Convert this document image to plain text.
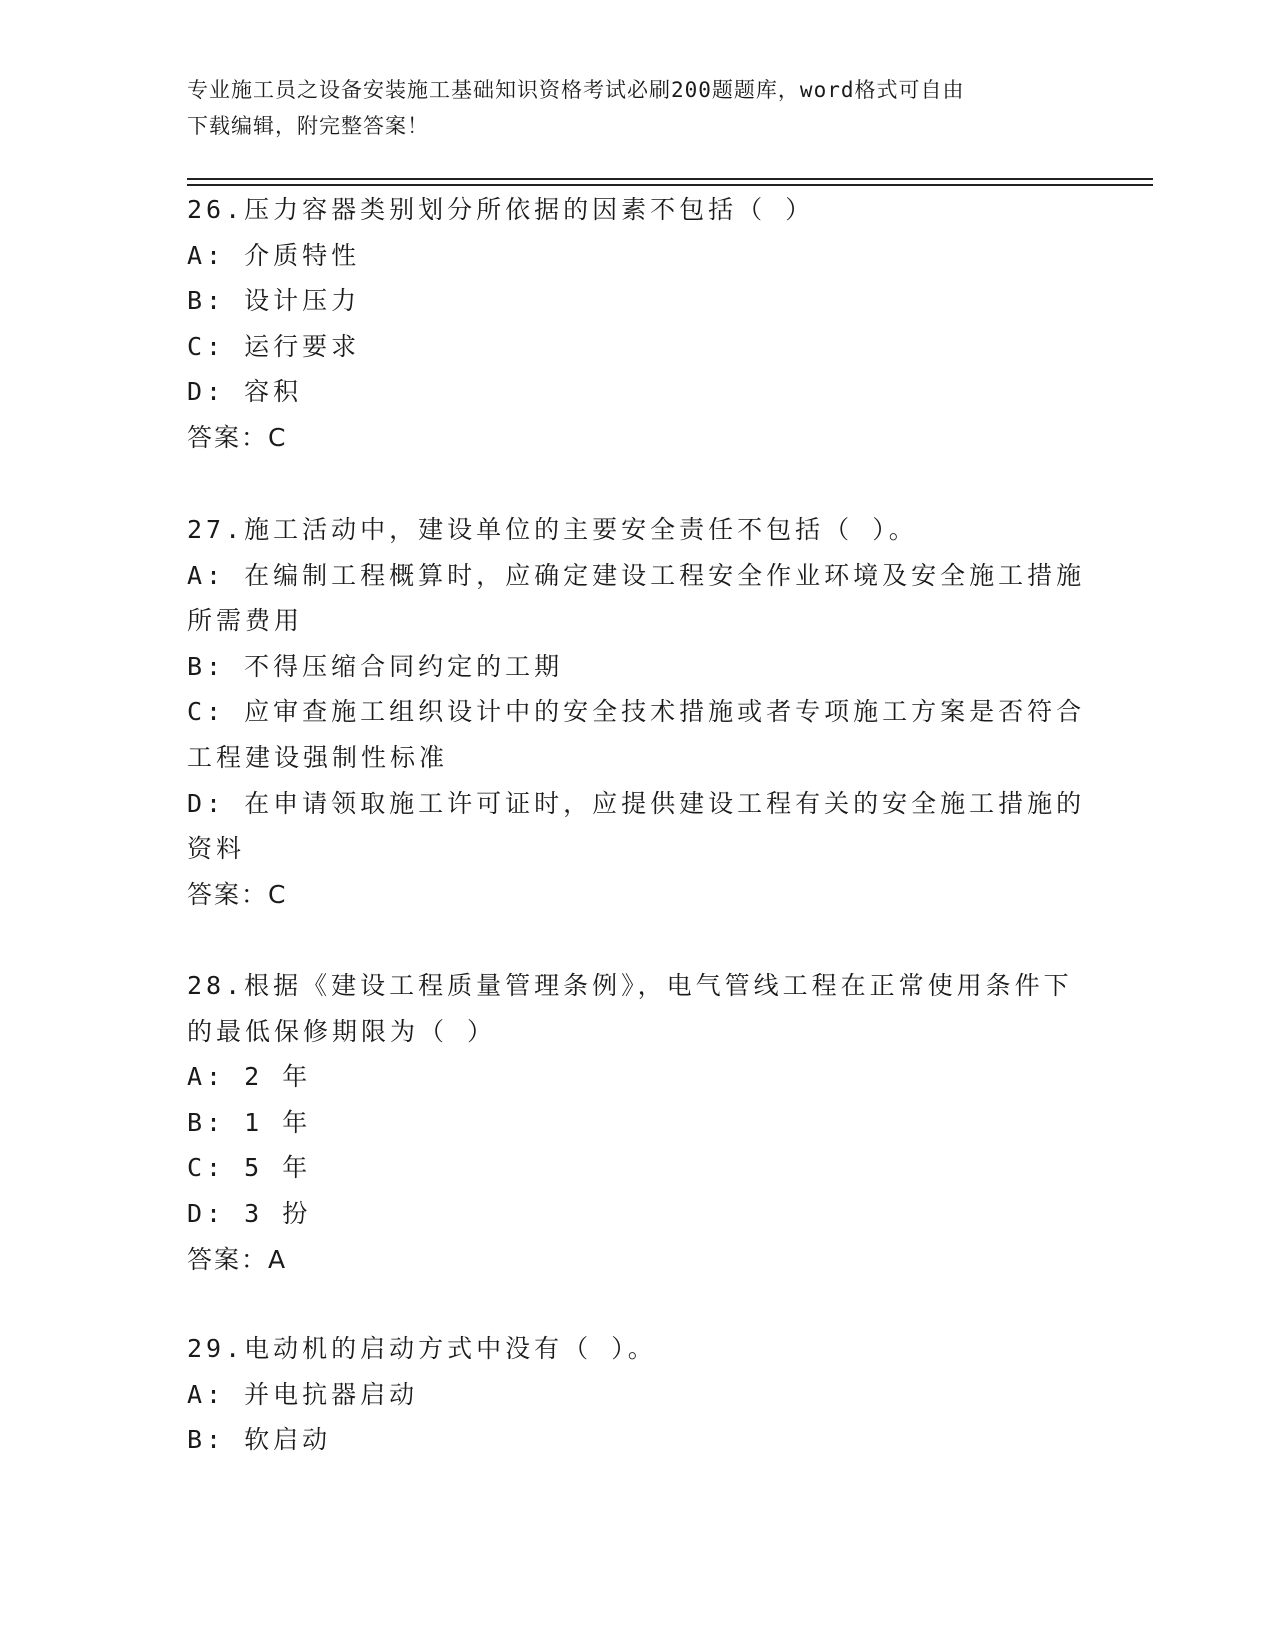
专业施工员之设备安装施工基础知识资格考试必刷200题题库，word格式可自由
下载编辑，附完整答案！
26.压力容器类别划分所依据的因素不包括（ ）
A: 介质特性
B: 设计压力
C: 运行要求
D: 容积
答案：C
27.施工活动中，建设单位的主要安全责任不包括（ ）。
A: 在编制工程概算时，应确定建设工程安全作业环境及安全施工措施
所需费用
B: 不得压缩合同约定的工期
C: 应审查施工组织设计中的安全技术措施或者专项施工方案是否符合
工程建设强制性标准
D: 在申请领取施工许可证时，应提供建设工程有关的安全施工措施的
资料
答案：C
28.根据《建设工程质量管理条例》，电气管线工程在正常使用条件下
的最低保修期限为（ ）
A: 2 年
B: 1 年
C: 5 年
D: 3 扮
答案：A
29.电动机的启动方式中没有（ ）。
A: 并电抗器启动
B: 软启动
